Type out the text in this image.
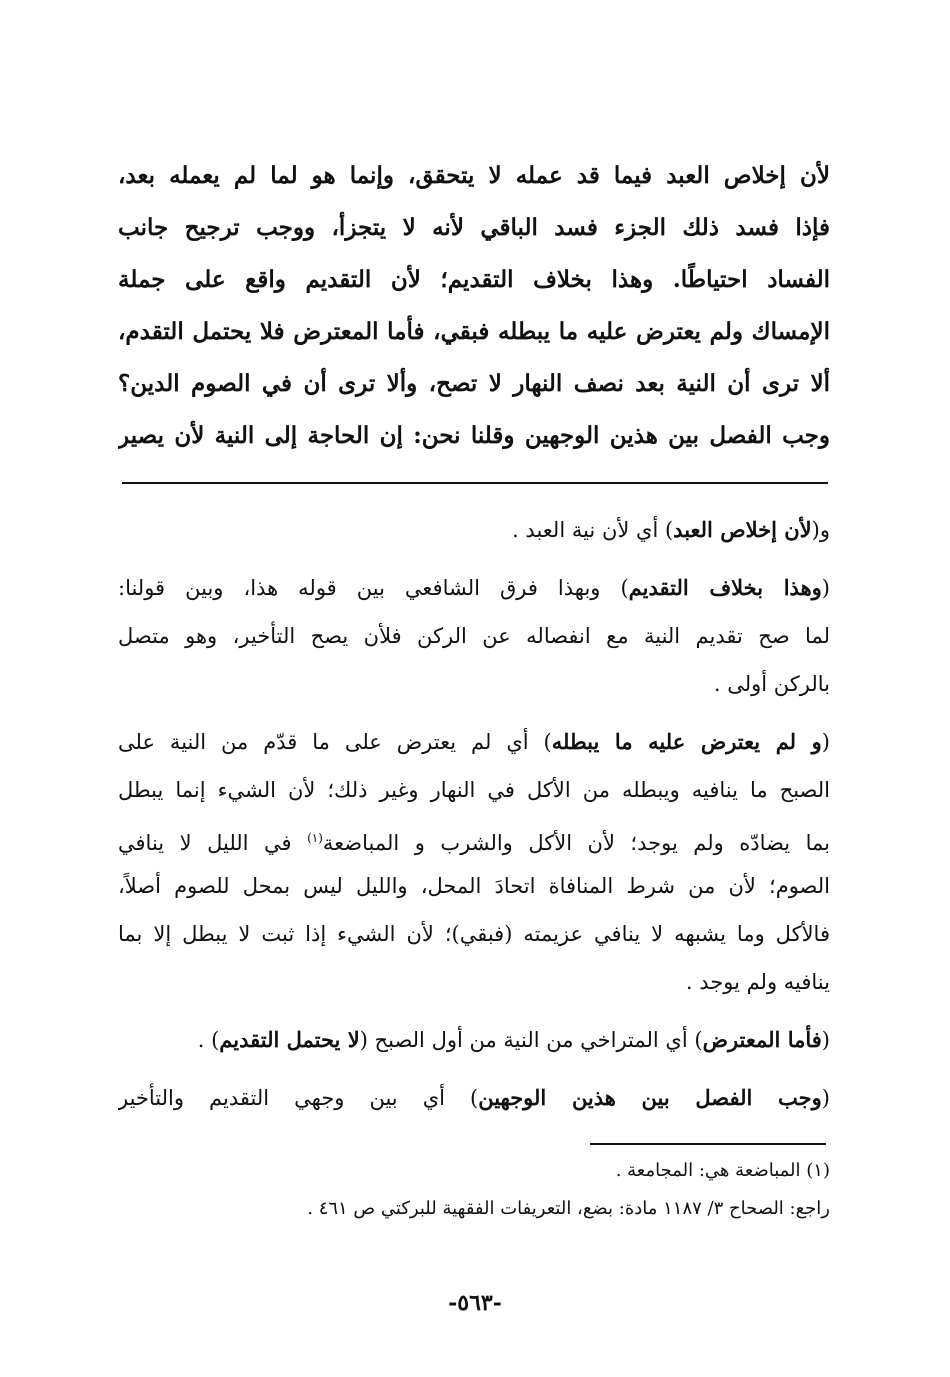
لأن إخلاص العبد فيما قد عمله لا يتحقق، وإنما هو لما لم يعمله بعد،
فإذا فسد ذلك الجزء فسد الباقي لأنه لا يتجزأ، ووجب ترجيح جانب
الفساد احتياطًا. وهذا بخلاف التقديم؛ لأن التقديم واقع على جملة
الإمساك ولم يعترض عليه ما يبطله فبقي، فأما المعترض فلا يحتمل التقدم،
ألا ترى أن النية بعد نصف النهار لا تصح، وألا ترى أن في الصوم الدين؟
وجب الفصل بين هذين الوجهين وقلنا نحن: إن الحاجة إلى النية لأن يصير
و(لأن إخلاص العبد) أي لأن نية العبد .
(وهذا بخلاف التقديم) وبهذا فرق الشافعي بين قوله هذا، وبين قولنا:
لما صح تقديم النية مع انفصاله عن الركن فلأن يصح التأخير، وهو متصل
بالركن أولى .
(و لم يعترض عليه ما يبطله) أي لم يعترض على ما قدّم من النية على
الصبح ما ينافيه ويبطله من الأكل في النهار وغير ذلك؛ لأن الشيء إنما يبطل
بما يضادّه ولم يوجد؛ لأن الأكل والشرب و المباضعة$^{(١)}$ في الليل لا ينافي
الصوم؛ لأن من شرط المنافاة اتحادَ المحل، والليل ليس بمحل للصوم أصلاً،
فالأكل وما يشبهه لا ينافي عزيمته (فبقي)؛ لأن الشيء إذا ثبت لا يبطل إلا بما
ينافيه ولم يوجد .
(فأما المعترض) أي المتراخي من النية من أول الصبح (لا يحتمل التقديم) .
(وجب الفصل بين هذين الوجهين) أي بين وجهي التقديم والتأخير
(١) المباضعة هي: المجامعة .
راجع: الصحاح ٣/ ١١٨٧ مادة: بضع، التعريفات الفقهية للبركتي ص ٤٦١ .
-٥٦٣-
